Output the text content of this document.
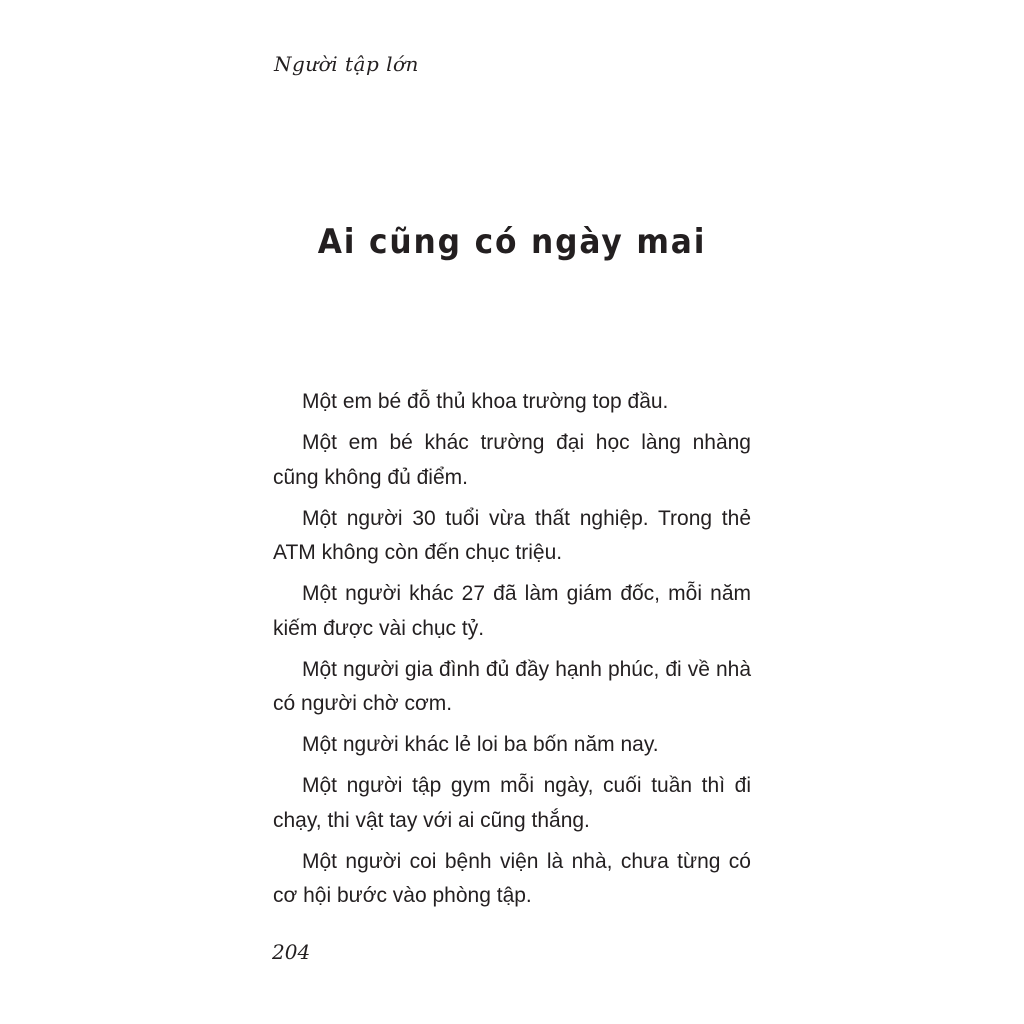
Người tập lớn
Ai cũng có ngày mai

Một em bé đỗ thủ khoa trường top đầu.

Một em bé khác trường đại học làng nhàng cũng không đủ điểm.

Một người 30 tuổi vừa thất nghiệp. Trong thẻ ATM không còn đến chục triệu.

Một người khác 27 đã làm giám đốc, mỗi năm kiếm được vài chục tỷ.

Một người gia đình đủ đầy hạnh phúc, đi về nhà có người chờ cơm.

Một người khác lẻ loi ba bốn năm nay.

Một người tập gym mỗi ngày, cuối tuần thì đi chạy, thi vật tay với ai cũng thắng.

Một người coi bệnh viện là nhà, chưa từng có cơ hội bước vào phòng tập.

204
